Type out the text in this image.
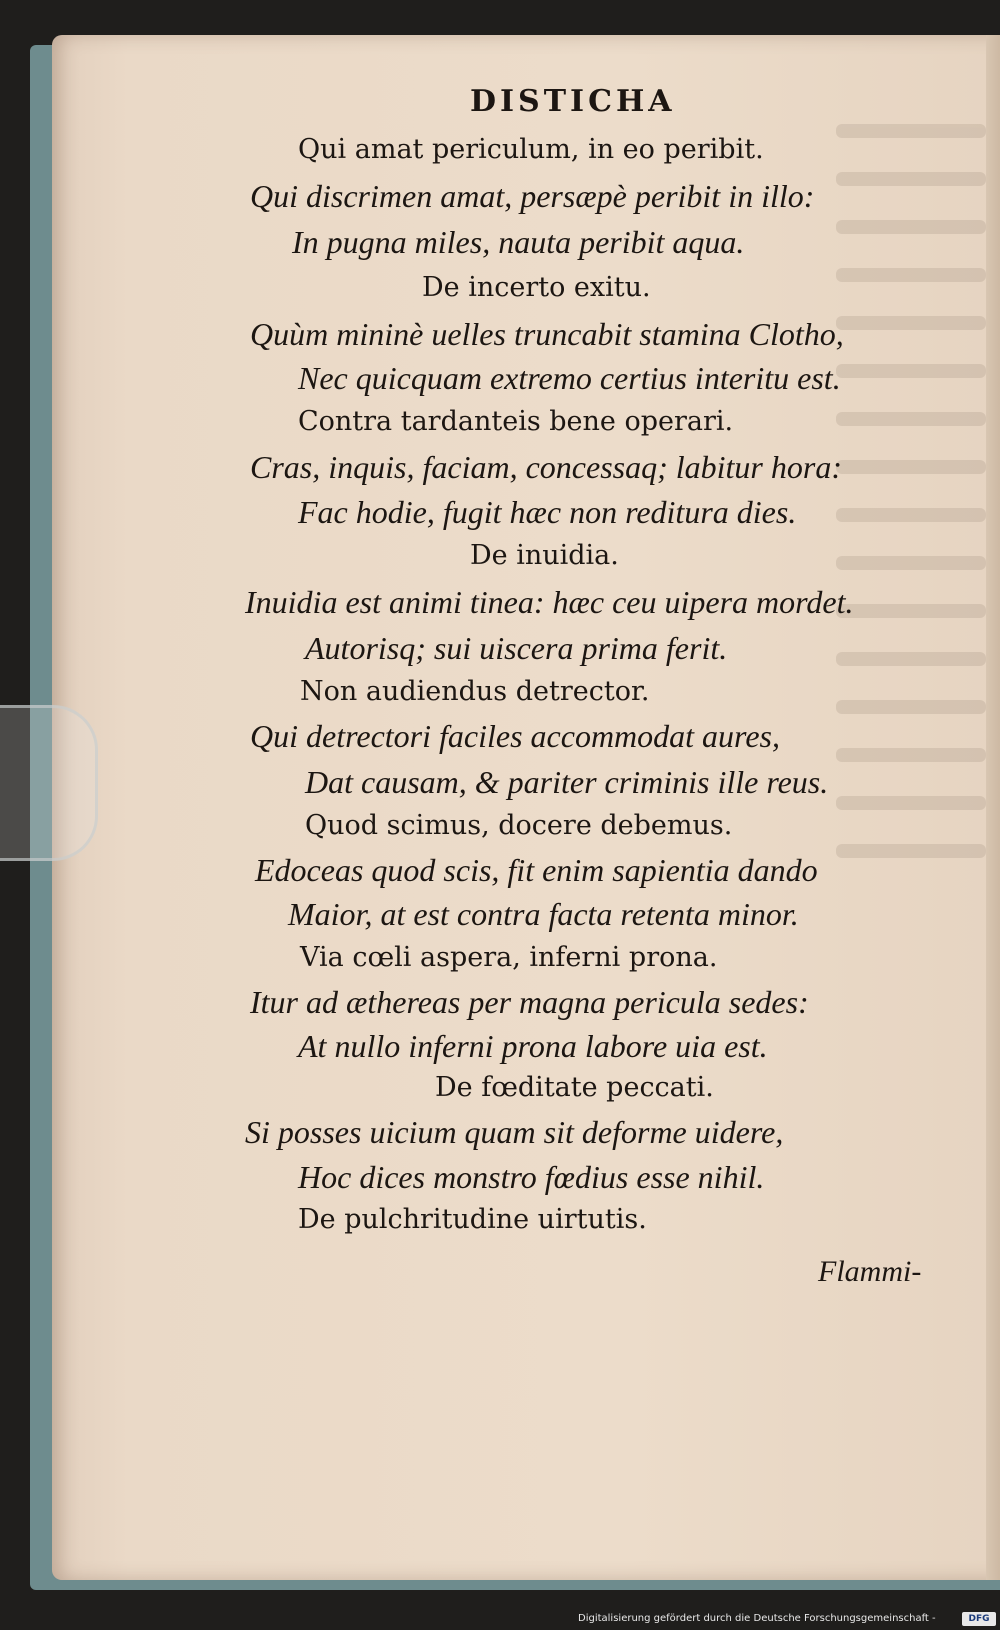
DISTICHA
Qui amat periculum, in eo peribit.
Qui discrimen amat, persæpè peribit in illo:
In pugna miles, nauta peribit aqua.
De incerto exitu.
Quùm mininè uelles truncabit stamina Clotho,
Nec quicquam extremo certius interitu est.
Contra tardanteis bene operari.
Cras, inquis, faciam, concessaq; labitur hora:
Fac hodie, fugit hæc non reditura dies.
De inuidia.
Inuidia est animi tinea: hæc ceu uipera mordet.
Autorisq; sui uiscera prima ferit.
Non audiendus detrector.
Qui detrectori faciles accommodat aures,
Dat causam, & pariter criminis ille reus.
Quod scimus, docere debemus.
Edoceas quod scis, fit enim sapientia dando
Maior, at est contra facta retenta minor.
Via cœli aspera, inferni prona.
Itur ad æthereas per magna pericula sedes:
At nullo inferni prona labore uia est.
De fœditate peccati.
Si posses uicium quam sit deforme uidere,
Hoc dices monstro fœdius esse nihil.
De pulchritudine uirtutis.
Flammi-
Digitalisierung gefördert durch die Deutsche Forschungsgemeinschaft -	DFG
